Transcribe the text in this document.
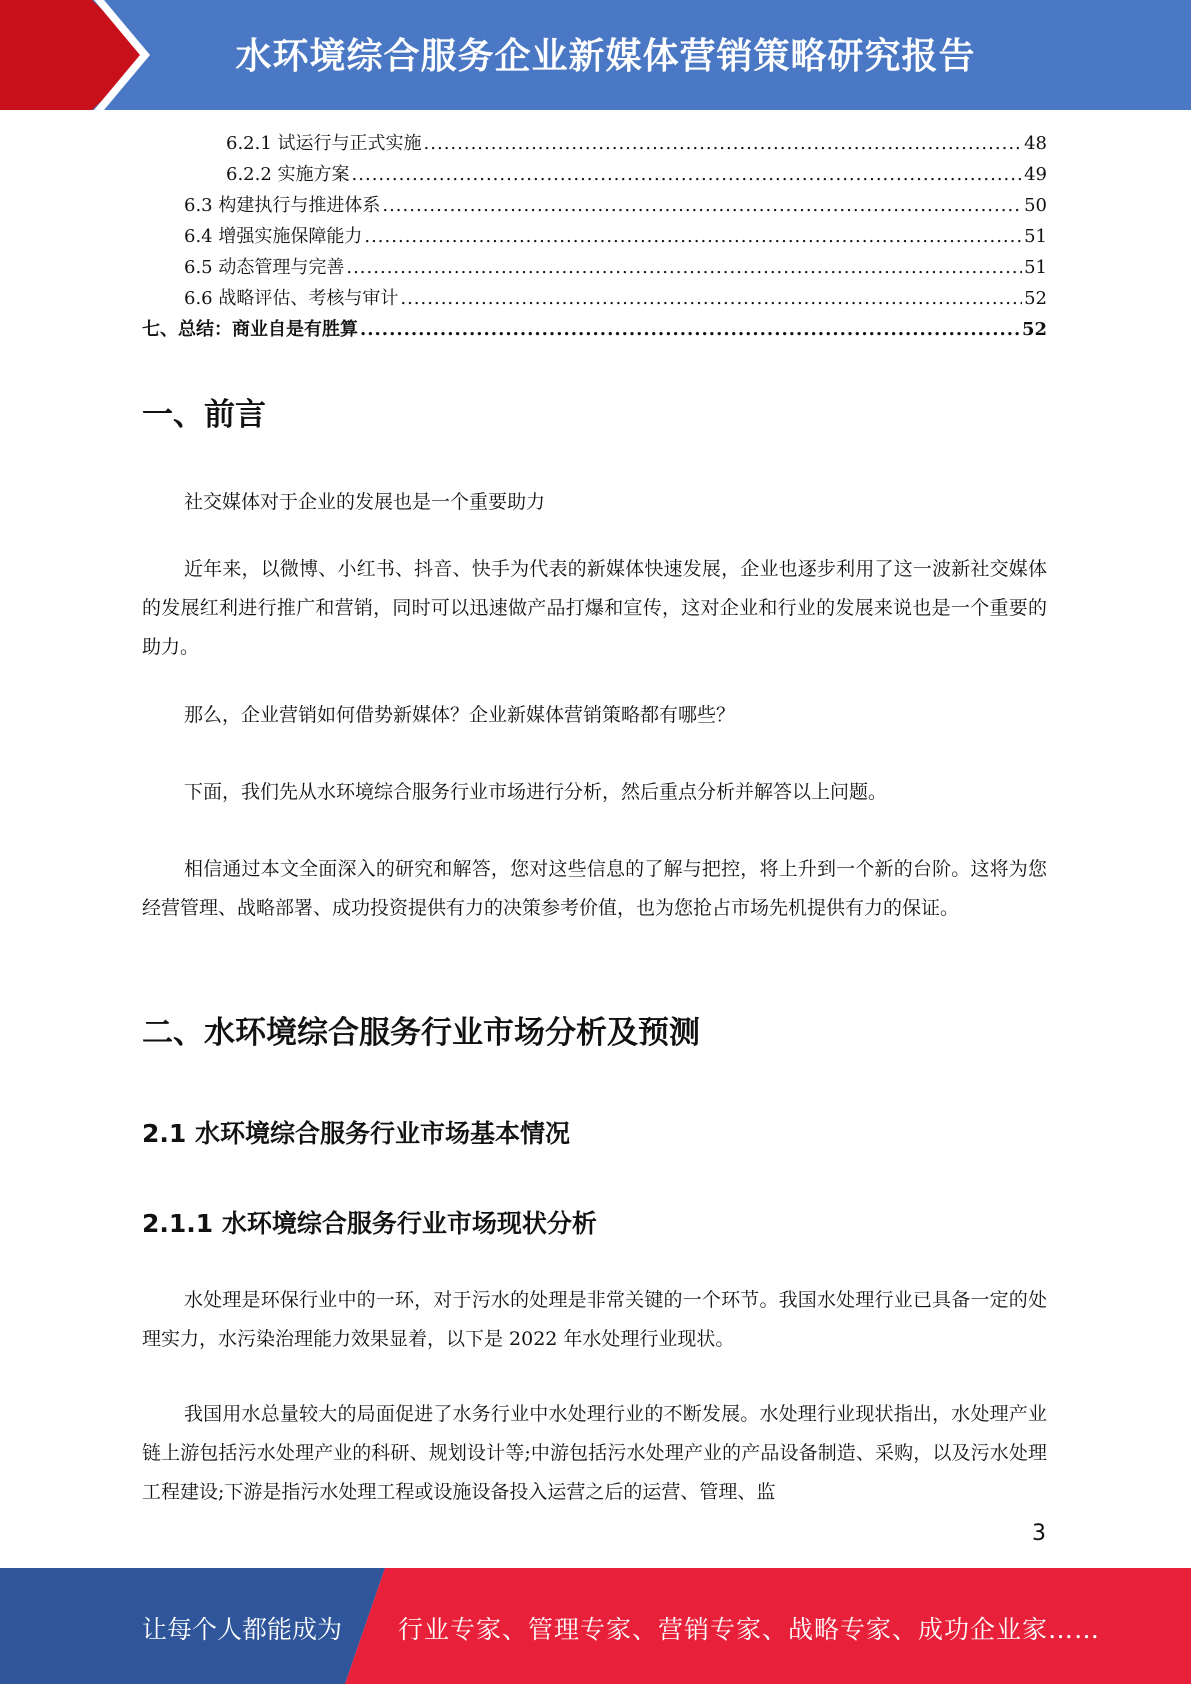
水环境综合服务企业新媒体营销策略研究报告
6.2.1 试运行与正式实施 .....	48
6.2.2 实施方案 .....	49
6.3 构建执行与推进体系 .....	50
6.4 增强实施保障能力 .....	51
6.5 动态管理与完善 .....	51
6.6 战略评估、考核与审计 .....	52
七、总结：商业自是有胜算 .....	52
一、前言
社交媒体对于企业的发展也是一个重要助力
近年来，以微博、小红书、抖音、快手为代表的新媒体快速发展，企业也逐步利用了这一波新社交媒体的发展红利进行推广和营销，同时可以迅速做产品打爆和宣传，这对企业和行业的发展来说也是一个重要的助力。
那么，企业营销如何借势新媒体？企业新媒体营销策略都有哪些？
下面，我们先从水环境综合服务行业市场进行分析，然后重点分析并解答以上问题。
相信通过本文全面深入的研究和解答，您对这些信息的了解与把控，将上升到一个新的台阶。这将为您经营管理、战略部署、成功投资提供有力的决策参考价值，也为您抢占市场先机提供有力的保证。
二、水环境综合服务行业市场分析及预测
2.1 水环境综合服务行业市场基本情况
2.1.1 水环境综合服务行业市场现状分析
水处理是环保行业中的一环，对于污水的处理是非常关键的一个环节。我国水处理行业已具备一定的处理实力，水污染治理能力效果显着，以下是 2022 年水处理行业现状。
我国用水总量较大的局面促进了水务行业中水处理行业的不断发展。水处理行业现状指出，水处理产业链上游包括污水处理产业的科研、规划设计等;中游包括污水处理产业的产品设备制造、采购，以及污水处理工程建设;下游是指污水处理工程或设施设备投入运营之后的运营、管理、监
3
让每个人都能成为 行业专家、管理专家、营销专家、战略专家、成功企业家……
